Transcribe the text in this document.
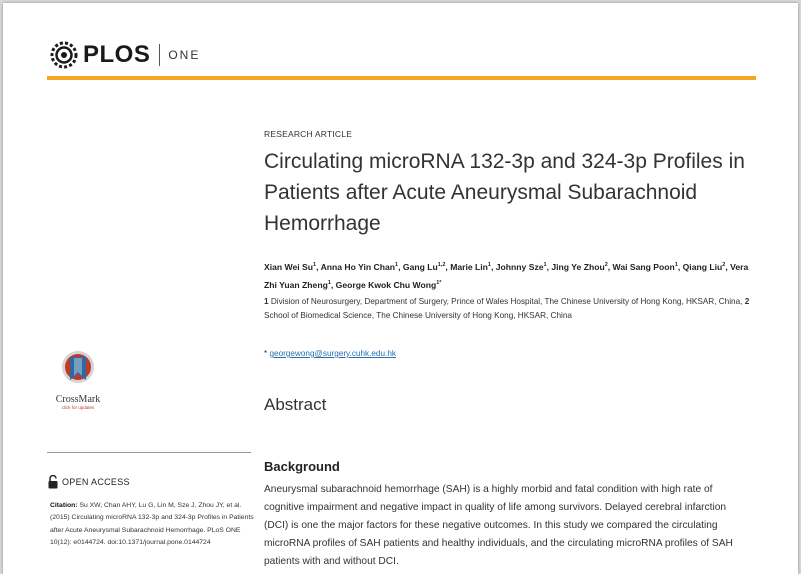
PLOS ONE
CrossMark
click for updates
OPEN ACCESS
Citation: Su XW, Chan AHY, Lu G, Lin M, Sze J, Zhou JY, et al. (2015) Circulating microRNA 132-3p and 324-3p Profiles in Patients after Acute Aneurysmal Subarachnoid Hemorrhage. PLoS ONE 10(12): e0144724. doi:10.1371/journal.pone.0144724
RESEARCH ARTICLE
Circulating microRNA 132-3p and 324-3p Profiles in Patients after Acute Aneurysmal Subarachnoid Hemorrhage
Xian Wei Su$^1$, Anna Ho Yin Chan$^1$, Gang Lu$^{1,2}$, Marie Lin$^1$, Johnny Sze$^1$, Jing Ye Zhou$^2$, Wai Sang Poon$^1$, Qiang Liu$^2$, Vera Zhi Yuan Zheng$^1$, George Kwok Chu Wong$^{1*}$
1 Division of Neurosurgery, Department of Surgery, Prince of Wales Hospital, The Chinese University of Hong Kong, HKSAR, China, 2 School of Biomedical Science, The Chinese University of Hong Kong, HKSAR, China
* georgewong@surgery.cuhk.edu.hk
Abstract
Background

Aneurysmal subarachnoid hemorrhage (SAH) is a highly morbid and fatal condition with high rate of cognitive impairment and negative impact in quality of life among survivors. Delayed cerebral infarction (DCI) is one the major factors for these negative outcomes. In this study we compared the circulating microRNA profiles of SAH patients and healthy individuals, and the circulating microRNA profiles of SAH patients with and without DCI.
